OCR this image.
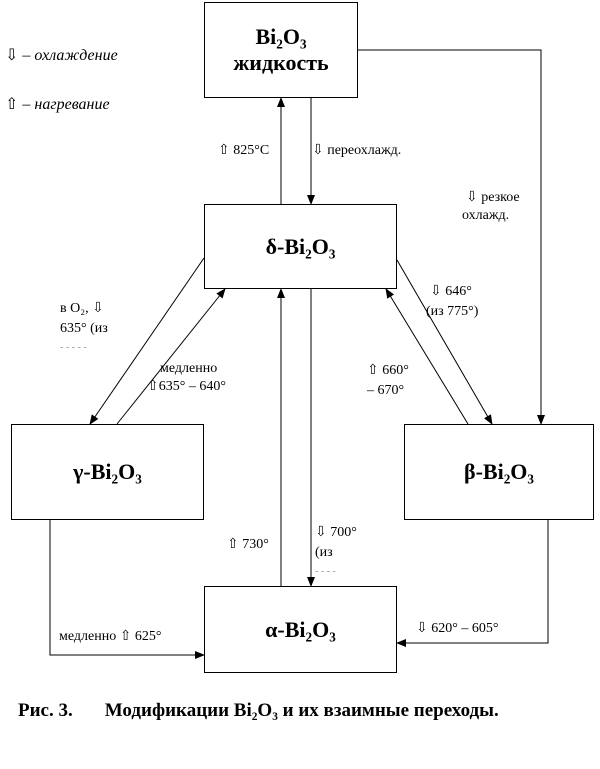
⇩ – охлаждение
⇧ – нагревание
Bi₂O₃
жидкость
δ-Bi₂O₃
γ-Bi₂O₃	β-Bi₂O₃
α-Bi₂O₃
⇧ 825°С	⇩ переохлажд.
⇩ резкое
охлажд.
в O₂, ⇩
635° (из
- - - - -
медленно
⇧635° – 640°
⇩ 646°
(из 775°)
⇧ 660°
– 670°
⇧ 730°
⇩ 700°
(из
- - - -
медленно ⇧ 625°
⇩ 620° – 605°
Рис. 3. Модификации Bi₂O₃ и их взаимные переходы.
